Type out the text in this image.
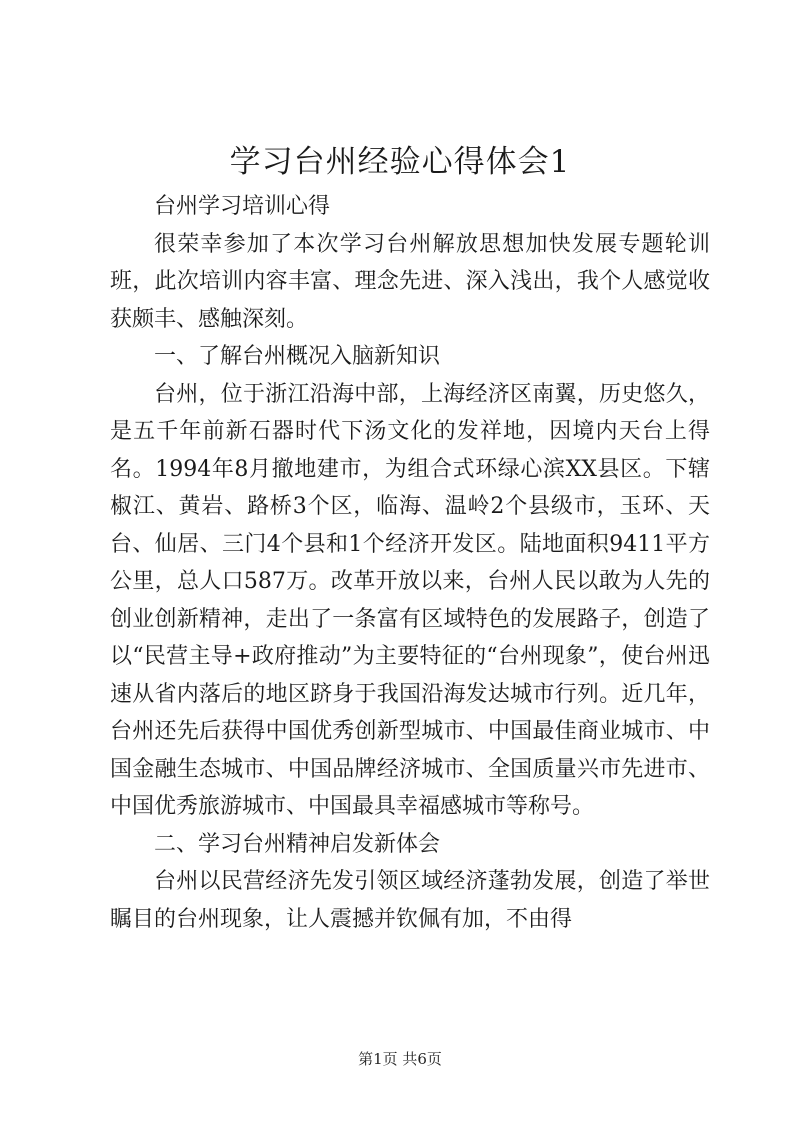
学习台州经验心得体会1

台州学习培训心得

很荣幸参加了本次学习台州解放思想加快发展专题轮训班，此次培训内容丰富、理念先进、深入浅出，我个人感觉收获颇丰、感触深刻。

一、了解台州概况入脑新知识

台州，位于浙江沿海中部，上海经济区南翼，历史悠久，是五千年前新石器时代下汤文化的发祥地，因境内天台上得名。1994年8月撤地建市，为组合式环绿心滨XX县区。下辖椒江、黄岩、路桥3个区，临海、温岭2个县级市，玉环、天台、仙居、三门4个县和1个经济开发区。陆地面积9411平方公里，总人口587万。改革开放以来，台州人民以敢为人先的创业创新精神，走出了一条富有区域特色的发展路子，创造了以“民营主导+政府推动”为主要特征的“台州现象”，使台州迅速从省内落后的地区跻身于我国沿海发达城市行列。近几年，台州还先后获得中国优秀创新型城市、中国最佳商业城市、中国金融生态城市、中国品牌经济城市、全国质量兴市先进市、中国优秀旅游城市、中国最具幸福感城市等称号。

二、学习台州精神启发新体会

台州以民营经济先发引领区域经济蓬勃发展，创造了举世瞩目的台州现象，让人震撼并钦佩有加，不由得

第1页 共6页
